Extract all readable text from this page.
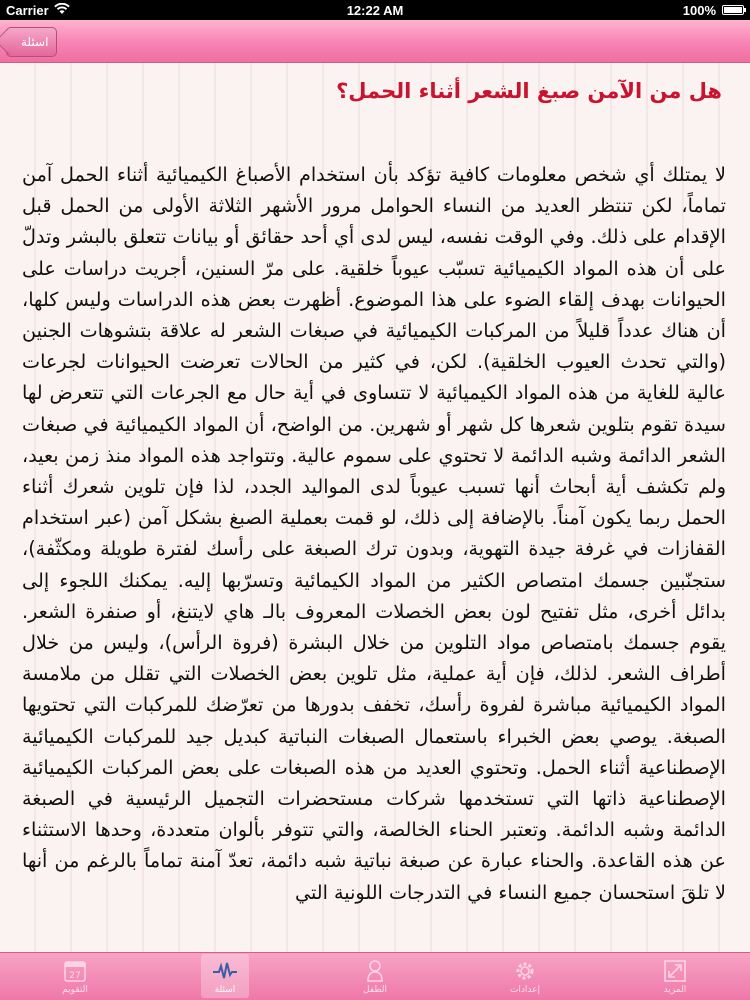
Carrier	12:22 AM	100%
اسئلة
هل من الآمن صبغ الشعر أثناء الحمل؟
لا يمتلك أي شخص معلومات كافية تؤكد بأن استخدام الأصباغ الكيميائية أثناء الحمل آمن تماماً، لكن تنتظر العديد من النساء الحوامل مرور الأشهر الثلاثة الأولى من الحمل قبل الإقدام على ذلك. وفي الوقت نفسه، ليس لدى أي أحد حقائق أو بيانات تتعلق بالبشر وتدلّ على أن هذه المواد الكيميائية تسبّب عيوباً خلقية. على مرّ السنين، أجريت دراسات على الحيوانات بهدف إلقاء الضوء على هذا الموضوع. أظهرت بعض هذه الدراسات وليس كلها، أن هناك عدداً قليلاً من المركبات الكيميائية في صبغات الشعر له علاقة بتشوهات الجنين (والتي تحدث العيوب الخلقية). لكن، في كثير من الحالات تعرضت الحيوانات لجرعات عالية للغاية من هذه المواد الكيميائية لا تتساوى في أية حال مع الجرعات التي تتعرض لها سيدة تقوم بتلوين شعرها كل شهر أو شهرين. من الواضح، أن المواد الكيميائية في صبغات الشعر الدائمة وشبه الدائمة لا تحتوي على سموم عالية. وتتواجد هذه المواد منذ زمن بعيد، ولم تكشف أية أبحاث أنها تسبب عيوباً لدى المواليد الجدد، لذا فإن تلوين شعرك أثناء الحمل ربما يكون آمناً. بالإضافة إلى ذلك، لو قمت بعملية الصبغ بشكل آمن (عبر استخدام القفازات في غرفة جيدة التهوية، وبدون ترك الصبغة على رأسك لفترة طويلة ومكثّفة)، ستجنّبين جسمك امتصاص الكثير من المواد الكيمائية وتسرّبها إليه. يمكنك اللجوء إلى بدائل أخرى، مثل تفتيح لون بعض الخصلات المعروف بالـ هاي لايتنغ، أو صنفرة الشعر. يقوم جسمك بامتصاص مواد التلوين من خلال البشرة (فروة الرأس)، وليس من خلال أطراف الشعر. لذلك، فإن أية عملية، مثل تلوين بعض الخصلات التي تقلل من ملامسة المواد الكيميائية مباشرة لفروة رأسك، تخفف بدورها من تعرّضك للمركبات التي تحتويها الصبغة. يوصي بعض الخبراء باستعمال الصبغات النباتية كبديل جيد للمركبات الكيميائية الإصطناعية أثناء الحمل. وتحتوي العديد من هذه الصبغات على بعض المركبات الكيميائية الإصطناعية ذاتها التي تستخدمها شركات مستحضرات التجميل الرئيسية في الصبغة الدائمة وشبه الدائمة. وتعتبر الحناء الخالصة، والتي تتوفر بألوان متعددة، وحدها الاستثناء عن هذه القاعدة. والحناء عبارة عن صبغة نباتية شبه دائمة، تعدّ آمنة تماماً بالرغم من أنها لا تلقَ استحسان جميع النساء في التدرجات اللونية التي
27
التقويم	اسئلة	الطفل	إعدادات	المزيد
